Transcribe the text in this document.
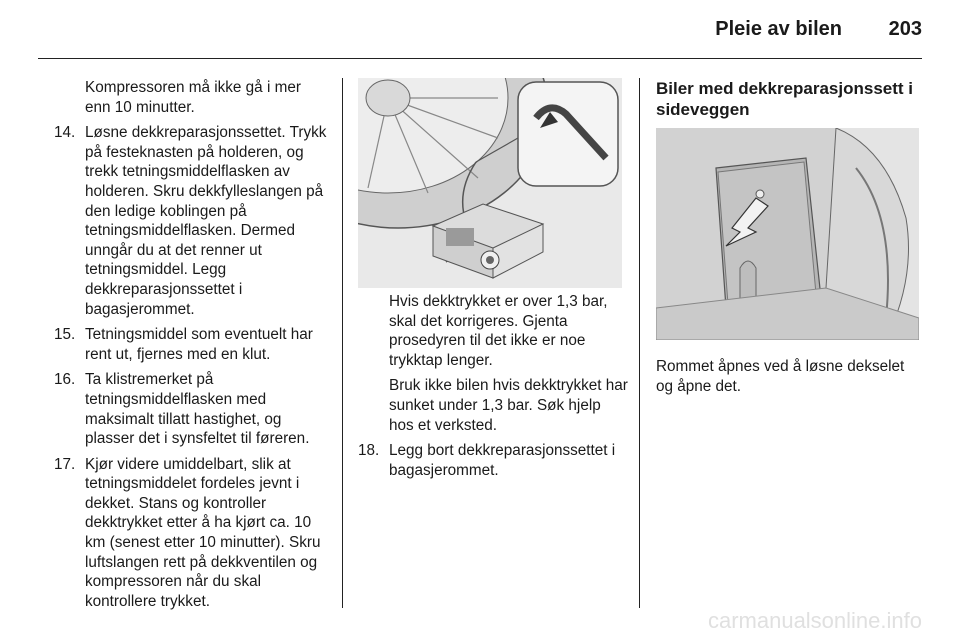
Pleie av bilen 203

Kompressoren må ikke gå i mer enn 10 minutter.

14. Løsne dekkreparasjonssettet. Trykk på festeknasten på holderen, og trekk tetningsmiddelflasken av holderen. Skru dekkfylleslangen på den ledige koblingen på tetningsmiddelflasken. Dermed unngår du at det renner ut tetningsmiddel. Legg dekkreparasjonssettet i bagasjerommet.
15. Tetningsmiddel som eventuelt har rent ut, fjernes med en klut.
16. Ta klistremerket på tetningsmiddelflasken med maksimalt tillatt hastighet, og plasser det i synsfeltet til føreren.
17. Kjør videre umiddelbart, slik at tetningsmiddelet fordeles jevnt i dekket. Stans og kontroller dekktrykket etter å ha kjørt ca. 10 km (senest etter 10 minutter). Skru luftslangen rett på dekkventilen og kompressoren når du skal kontrollere trykket.

Hvis dekktrykket er over 1,3 bar, skal det korrigeres. Gjenta prosedyren til det ikke er noe trykktap lenger.

Bruk ikke bilen hvis dekktrykket har sunket under 1,3 bar. Søk hjelp hos et verksted.

18. Legg bort dekkreparasjonssettet i bagasjerommet.
Biler med dekkreparasjonssett i sideveggen

Rommet åpnes ved å løsne dekselet og åpne det.

carmanualsonline.info
